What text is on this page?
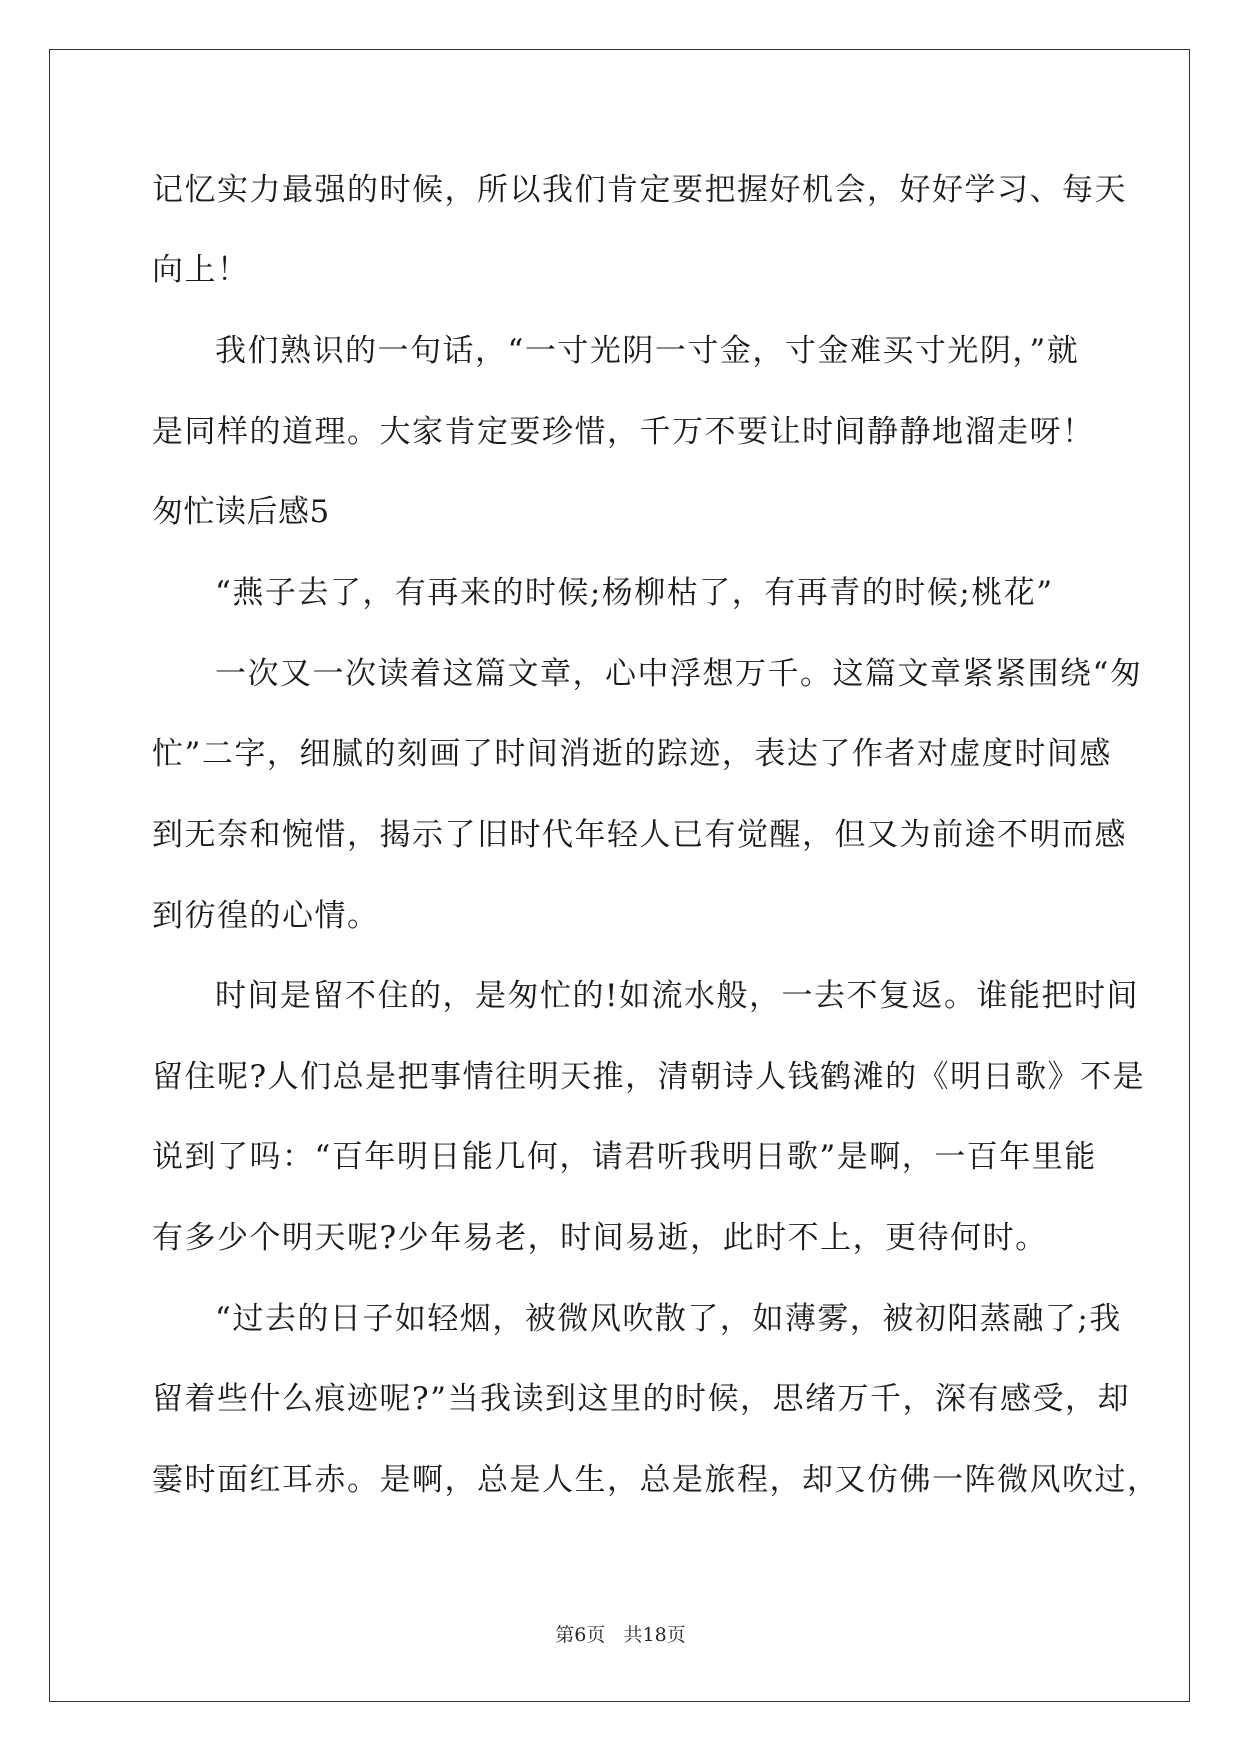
记忆实力最强的时候，所以我们肯定要把握好机会，好好学习、每天
向上！
我们熟识的一句话，“一寸光阴一寸金，寸金难买寸光阴，”就
是同样的道理。大家肯定要珍惜，千万不要让时间静静地溜走呀！
匆忙读后感5
“燕子去了，有再来的时候;杨柳枯了，有再青的时候;桃花”
一次又一次读着这篇文章，心中浮想万千。这篇文章紧紧围绕“匆
忙”二字，细腻的刻画了时间消逝的踪迹，表达了作者对虚度时间感
到无奈和惋惜，揭示了旧时代年轻人已有觉醒，但又为前途不明而感
到彷徨的心情。
时间是留不住的，是匆忙的!如流水般，一去不复返。谁能把时间
留住呢?人们总是把事情往明天推，清朝诗人钱鹤滩的《明日歌》不是
说到了吗：“百年明日能几何，请君听我明日歌”是啊，一百年里能
有多少个明天呢?少年易老，时间易逝，此时不上，更待何时。
“过去的日子如轻烟，被微风吹散了，如薄雾，被初阳蒸融了;我
留着些什么痕迹呢?”当我读到这里的时候，思绪万千，深有感受，却
霎时面红耳赤。是啊，总是人生，总是旅程，却又仿佛一阵微风吹过，
第6页 共18页
